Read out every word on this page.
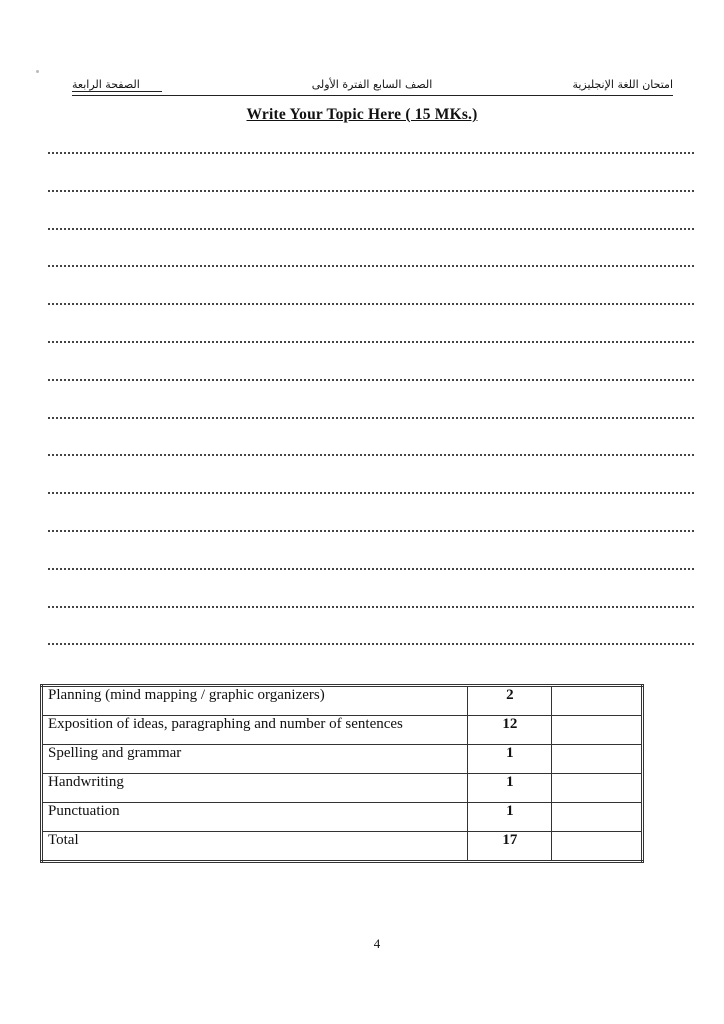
امتحان اللغة الإنجليزية
الصف السابع الفترة الأولى
الصفحة الرابعة
Write Your Topic Here ( 15 MKs.)
Planning (mind mapping / graphic organizers)	2	
Exposition of ideas, paragraphing and number of sentences	12	
Spelling and grammar	1	
Handwriting	1	
Punctuation	1	
Total	17	
4
